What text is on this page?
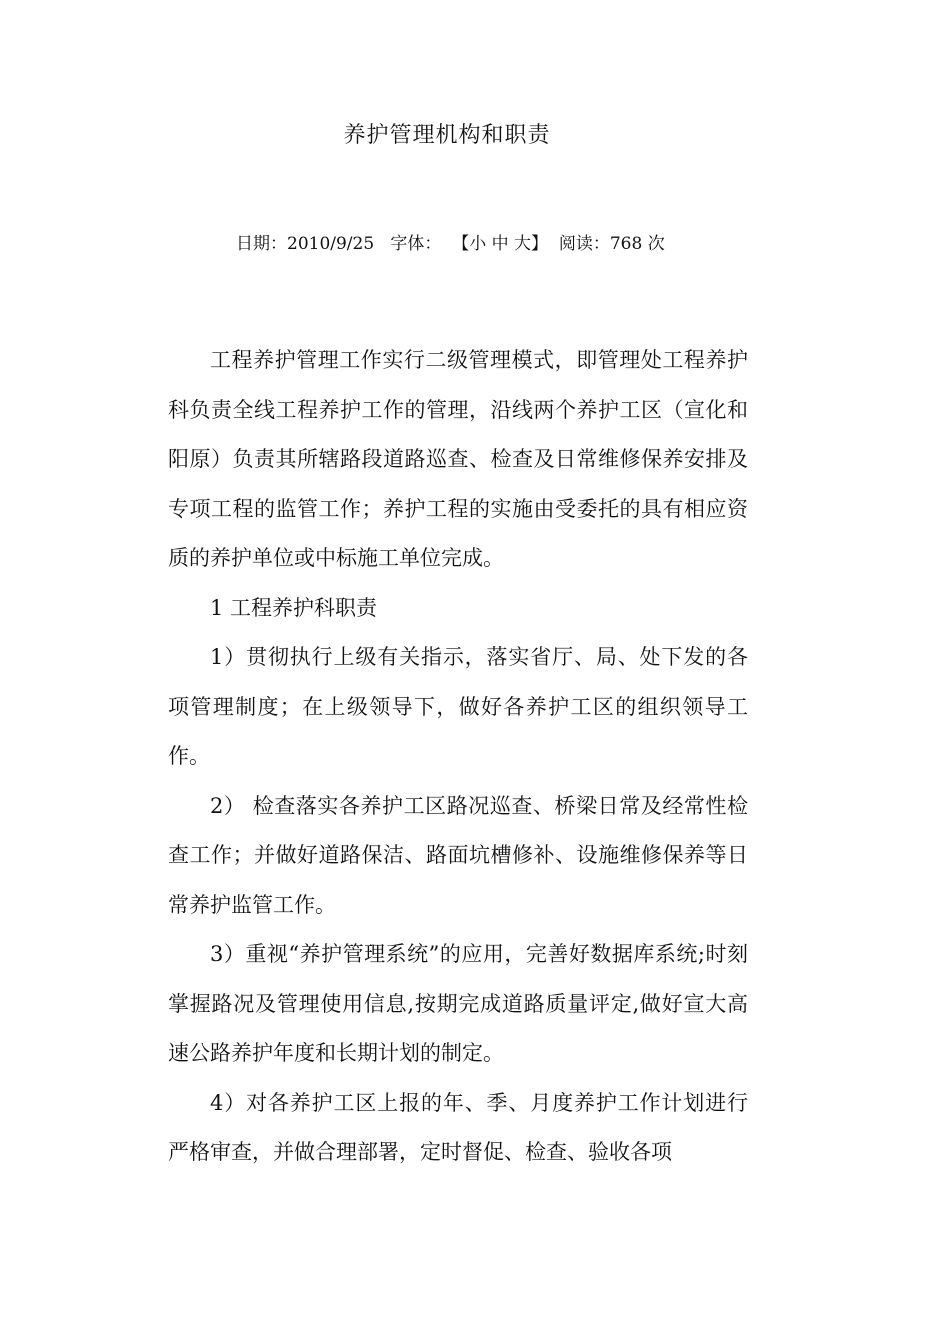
养护管理机构和职责
日期：2010/9/25 字体： 【小 中 大】 阅读：768 次

工程养护管理工作实行二级管理模式，即管理处工程养护科负责全线工程养护工作的管理，沿线两个养护工区（宣化和阳原）负责其所辖路段道路巡查、检查及日常维修保养安排及专项工程的监管工作；养护工程的实施由受委托的具有相应资质的养护单位或中标施工单位完成。

1 工程养护科职责

1）贯彻执行上级有关指示，落实省厅、局、处下发的各项管理制度；在上级领导下，做好各养护工区的组织领导工作。

2） 检查落实各养护工区路况巡查、桥梁日常及经常性检查工作；并做好道路保洁、路面坑槽修补、设施维修保养等日常养护监管工作。

3）重视“养护管理系统”的应用，完善好数据库系统;时刻掌握路况及管理使用信息,按期完成道路质量评定,做好宣大高速公路养护年度和长期计划的制定。

4）对各养护工区上报的年、季、月度养护工作计划进行严格审查，并做合理部署，定时督促、检查、验收各项
